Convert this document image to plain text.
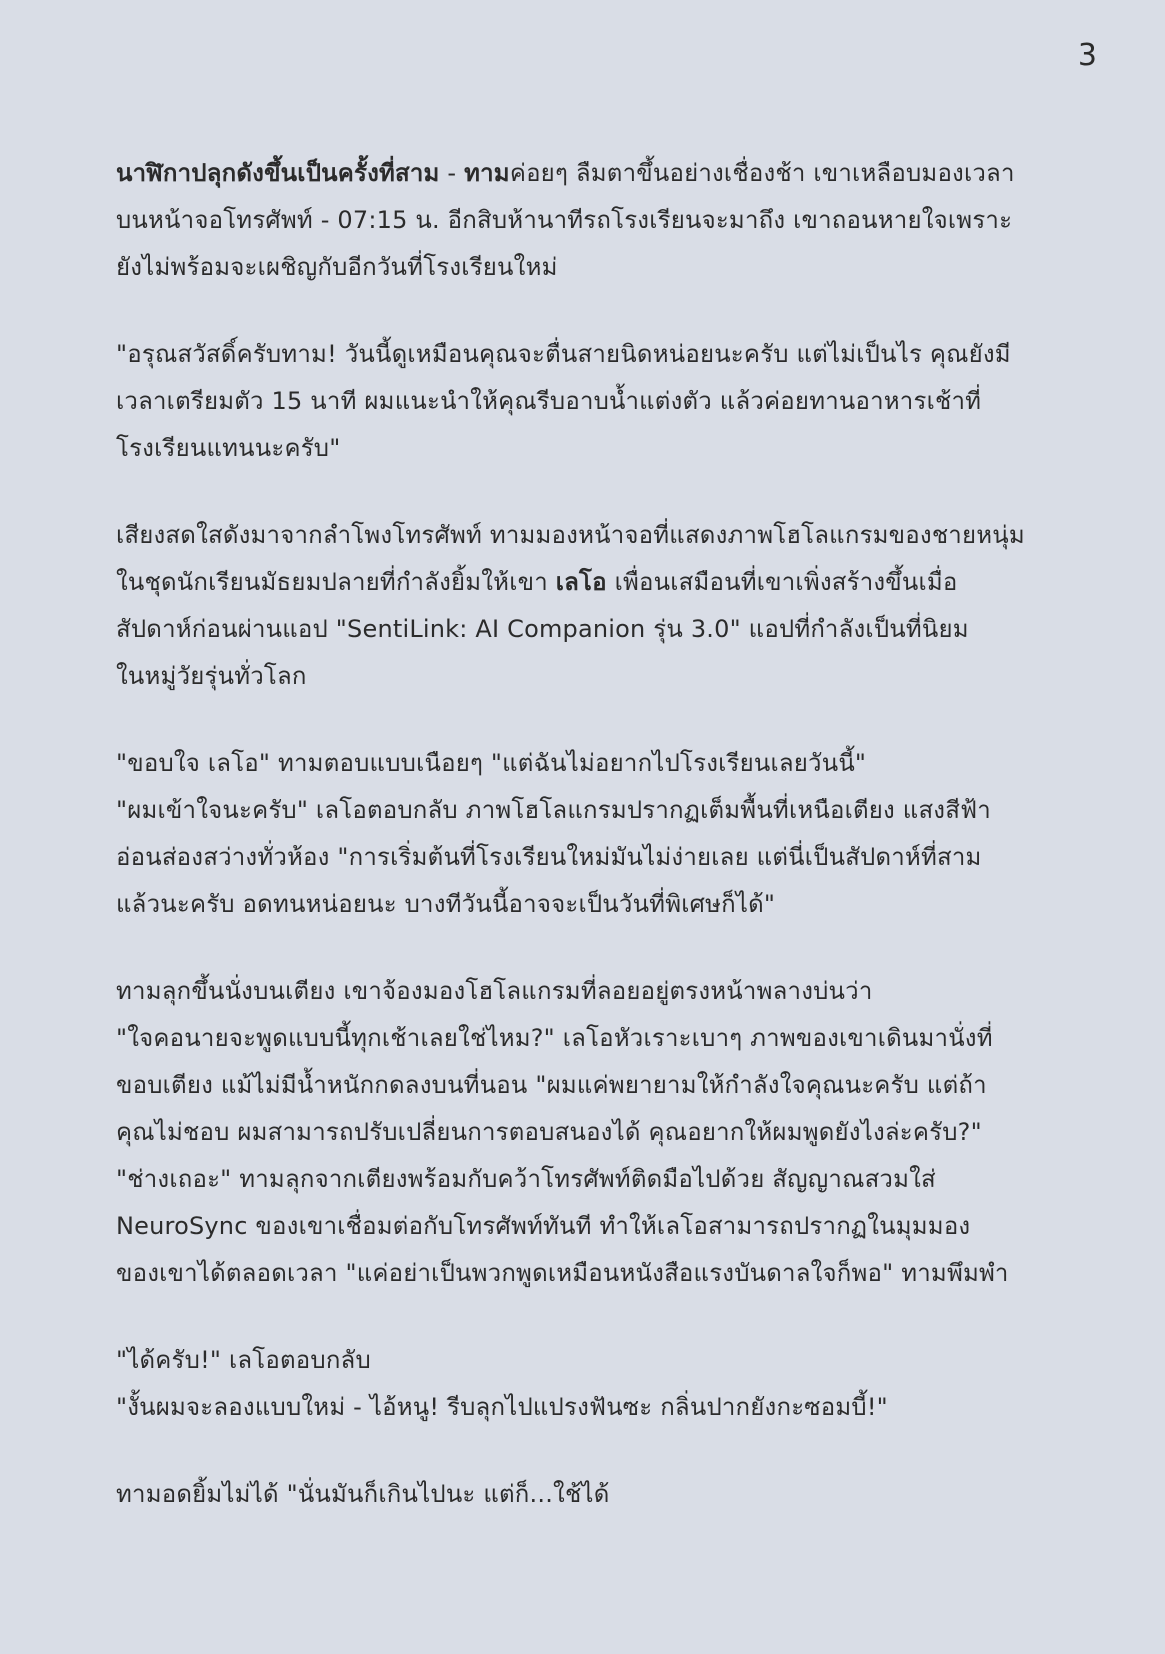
3
นาฬิกาปลุกดังขึ้นเป็นครั้งที่สาม - ทามค่อยๆ ลืมตาขึ้นอย่างเชื่องช้า เขาเหลือบมองเวลา
บนหน้าจอโทรศัพท์ - 07:15 น. อีกสิบห้านาทีรถโรงเรียนจะมาถึง เขาถอนหายใจเพราะ
ยังไม่พร้อมจะเผชิญกับอีกวันที่โรงเรียนใหม่
"อรุณสวัสดิ์ครับทาม! วันนี้ดูเหมือนคุณจะตื่นสายนิดหน่อยนะครับ แต่ไม่เป็นไร คุณยังมี
เวลาเตรียมตัว 15 นาที ผมแนะนำให้คุณรีบอาบน้ำแต่งตัว แล้วค่อยทานอาหารเช้าที่
โรงเรียนแทนนะครับ"
เสียงสดใสดังมาจากลำโพงโทรศัพท์ ทามมองหน้าจอที่แสดงภาพโฮโลแกรมของชายหนุ่ม
ในชุดนักเรียนมัธยมปลายที่กำลังยิ้มให้เขา เลโอ เพื่อนเสมือนที่เขาเพิ่งสร้างขึ้นเมื่อ
สัปดาห์ก่อนผ่านแอป "SentiLink: AI Companion รุ่น 3.0" แอปที่กำลังเป็นที่นิยม
ในหมู่วัยรุ่นทั่วโลก
"ขอบใจ เลโอ" ทามตอบแบบเนือยๆ "แต่ฉันไม่อยากไปโรงเรียนเลยวันนี้"
"ผมเข้าใจนะครับ" เลโอตอบกลับ ภาพโฮโลแกรมปรากฏเต็มพื้นที่เหนือเตียง แสงสีฟ้า
อ่อนส่องสว่างทั่วห้อง "การเริ่มต้นที่โรงเรียนใหม่มันไม่ง่ายเลย แต่นี่เป็นสัปดาห์ที่สาม
แล้วนะครับ อดทนหน่อยนะ บางทีวันนี้อาจจะเป็นวันที่พิเศษก็ได้"
ทามลุกขึ้นนั่งบนเตียง เขาจ้องมองโฮโลแกรมที่ลอยอยู่ตรงหน้าพลางบ่นว่า
"ใจคอนายจะพูดแบบนี้ทุกเช้าเลยใช่ไหม?" เลโอหัวเราะเบาๆ ภาพของเขาเดินมานั่งที่
ขอบเตียง แม้ไม่มีน้ำหนักกดลงบนที่นอน "ผมแค่พยายามให้กำลังใจคุณนะครับ แต่ถ้า
คุณไม่ชอบ ผมสามารถปรับเปลี่ยนการตอบสนองได้ คุณอยากให้ผมพูดยังไงล่ะครับ?"
"ช่างเถอะ" ทามลุกจากเตียงพร้อมกับคว้าโทรศัพท์ติดมือไปด้วย สัญญาณสวมใส่
NeuroSync ของเขาเชื่อมต่อกับโทรศัพท์ทันที ทำให้เลโอสามารถปรากฏในมุมมอง
ของเขาได้ตลอดเวลา "แค่อย่าเป็นพวกพูดเหมือนหนังสือแรงบันดาลใจก็พอ" ทามพึมพำ
"ได้ครับ!" เลโอตอบกลับ
"งั้นผมจะลองแบบใหม่ - ไอ้หนู! รีบลุกไปแปรงฟันซะ กลิ่นปากยังกะซอมบี้!"
ทามอดยิ้มไม่ได้ "นั่นมันก็เกินไปนะ แต่ก็...ใช้ได้
